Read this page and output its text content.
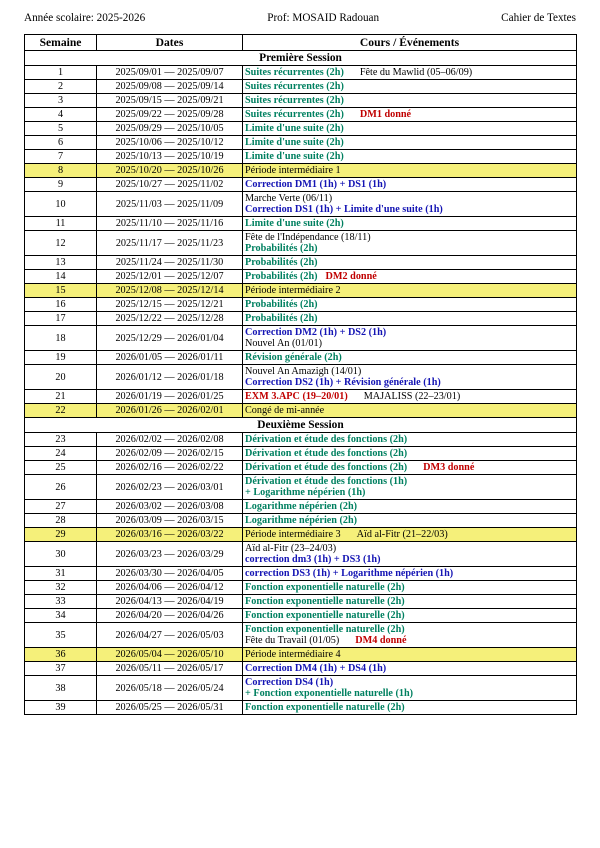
Année scolaire: 2025-2026	Prof: MOSAID Radouan	Cahier de Textes
Semaine	Dates	Cours / Événements
Première Session		
1	2025/09/01 — 2025/09/07	Suites récurrentes (2h) Fête du Mawlid (05–06/09)

2	2025/09/08 — 2025/09/14	Suites récurrentes (2h)

3	2025/09/15 — 2025/09/21	Suites récurrentes (2h)

4	2025/09/22 — 2025/09/28	Suites récurrentes (2h) DM1 donné

5	2025/09/29 — 2025/10/05	Limite d'une suite (2h)

6	2025/10/06 — 2025/10/12	Limite d'une suite (2h)

7	2025/10/13 — 2025/10/19	Limite d'une suite (2h)

8	2025/10/20 — 2025/10/26	Période intermédiaire 1

9	2025/10/27 — 2025/11/02	Correction DM1 (1h) + DS1 (1h)

10	2025/11/03 — 2025/11/09	Marche Verte (06/11)
Correction DS1 (1h) + Limite d'une suite (1h)

11	2025/11/10 — 2025/11/16	Limite d'une suite (2h)

12	2025/11/17 — 2025/11/23	Fête de l'Indépendance (18/11)
Probabilités (2h)

13	2025/11/24 — 2025/11/30	Probabilités (2h)

14	2025/12/01 — 2025/12/07	Probabilités (2h) DM2 donné

15	2025/12/08 — 2025/12/14	Période intermédiaire 2

16	2025/12/15 — 2025/12/21	Probabilités (2h)

17	2025/12/22 — 2025/12/28	Probabilités (2h)

18	2025/12/29 — 2026/01/04	Correction DM2 (1h) + DS2 (1h)
Nouvel An (01/01)

19	2026/01/05 — 2026/01/11	Révision générale (2h)

20	2026/01/12 — 2026/01/18	Nouvel An Amazigh (14/01)
Correction DS2 (1h) + Révision générale (1h)

21	2026/01/19 — 2026/01/25	EXM 3.APC (19–20/01) MAJALISS (22–23/01)

22	2026/01/26 — 2026/02/01	Congé de mi-année

Deuxième Session		
23	2026/02/02 — 2026/02/08	Dérivation et étude des fonctions (2h)

24	2026/02/09 — 2026/02/15	Dérivation et étude des fonctions (2h)

25	2026/02/16 — 2026/02/22	Dérivation et étude des fonctions (2h) DM3 donné

26	2026/02/23 — 2026/03/01	Dérivation et étude des fonctions (1h)
+ Logarithme népérien (1h)

27	2026/03/02 — 2026/03/08	Logarithme népérien (2h)

28	2026/03/09 — 2026/03/15	Logarithme népérien (2h)

29	2026/03/16 — 2026/03/22	Période intermédiaire 3 Aïd al-Fitr (21–22/03)

30	2026/03/23 — 2026/03/29	Aïd al-Fitr (23–24/03)
correction dm3 (1h) + DS3 (1h)

31	2026/03/30 — 2026/04/05	correction DS3 (1h) + Logarithme népérien (1h)

32	2026/04/06 — 2026/04/12	Fonction exponentielle naturelle (2h)

33	2026/04/13 — 2026/04/19	Fonction exponentielle naturelle (2h)

34	2026/04/20 — 2026/04/26	Fonction exponentielle naturelle (2h)

35	2026/04/27 — 2026/05/03	Fonction exponentielle naturelle (2h)
Fête du Travail (01/05) DM4 donné

36	2026/05/04 — 2026/05/10	Période intermédiaire 4

37	2026/05/11 — 2026/05/17	Correction DM4 (1h) + DS4 (1h)

38	2026/05/18 — 2026/05/24	Correction DS4 (1h)
+ Fonction exponentielle naturelle (1h)

39	2026/05/25 — 2026/05/31	Fonction exponentielle naturelle (2h)
